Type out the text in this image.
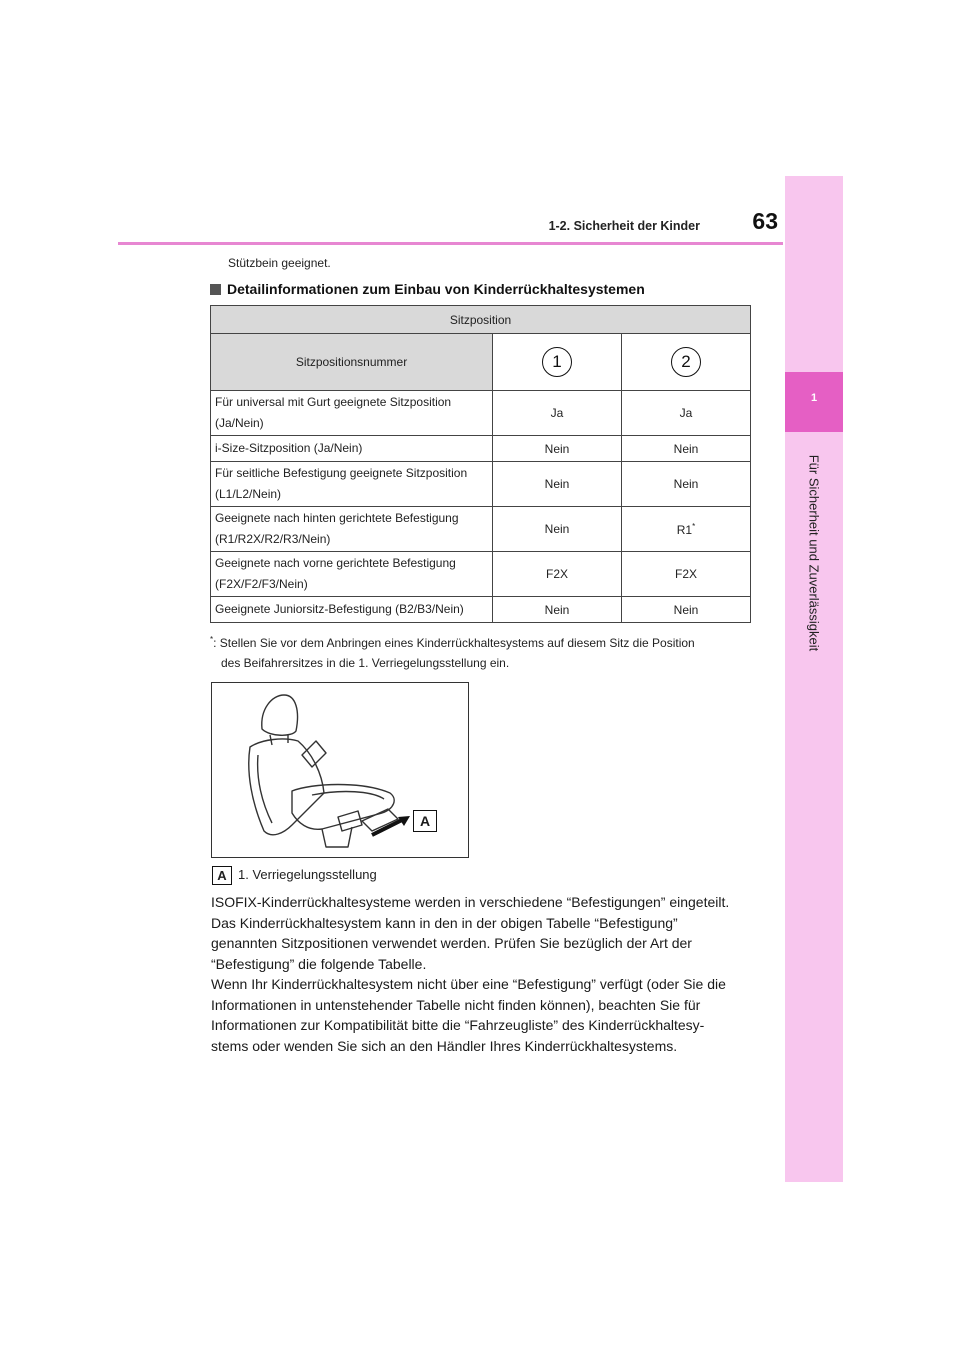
1
Für Sicherheit und Zuverlässigkeit
63
1-2. Sicherheit der Kinder
Stützbein geeignet.
Detailinformationen zum Einbau von Kinderrückhaltesystemen
Sitzposition		
Sitzpositionsnummer	1	2
Für universal mit Gurt geeignete Sitzposition
(Ja/Nein)	Ja	Ja
i-Size-Sitzposition (Ja/Nein)	Nein	Nein
Für seitliche Befestigung geeignete Sitzposition
(L1/L2/Nein)	Nein	Nein
Geeignete nach hinten gerichtete Befestigung
(R1/R2X/R2/R3/Nein)	Nein	R1*
Geeignete nach vorne gerichtete Befestigung
(F2X/F2/F3/Nein)	F2X	F2X
Geeignete Juniorsitz-Befestigung (B2/B3/Nein)	Nein	Nein
*: Stellen Sie vor dem Anbringen eines Kinderrückhaltesystems auf diesem Sitz die Position
des Beifahrersitzes in die 1. Verriegelungsstellung ein.
A
A 1. Verriegelungsstellung

ISOFIX-Kinderrückhaltesysteme werden in verschiedene “Befestigungen” eingeteilt.

Das Kinderrückhaltesystem kann in den in der obigen Tabelle “Befestigung”

genannten Sitzpositionen verwendet werden. Prüfen Sie bezüglich der Art der

“Befestigung” die folgende Tabelle.

Wenn Ihr Kinderrückhaltesystem nicht über eine “Befestigung” verfügt (oder Sie die

Informationen in untenstehender Tabelle nicht finden können), beachten Sie für

Informationen zur Kompatibilität bitte die “Fahrzeugliste” des Kinderrückhaltesy-

stems oder wenden Sie sich an den Händler Ihres Kinderrückhaltesystems.
